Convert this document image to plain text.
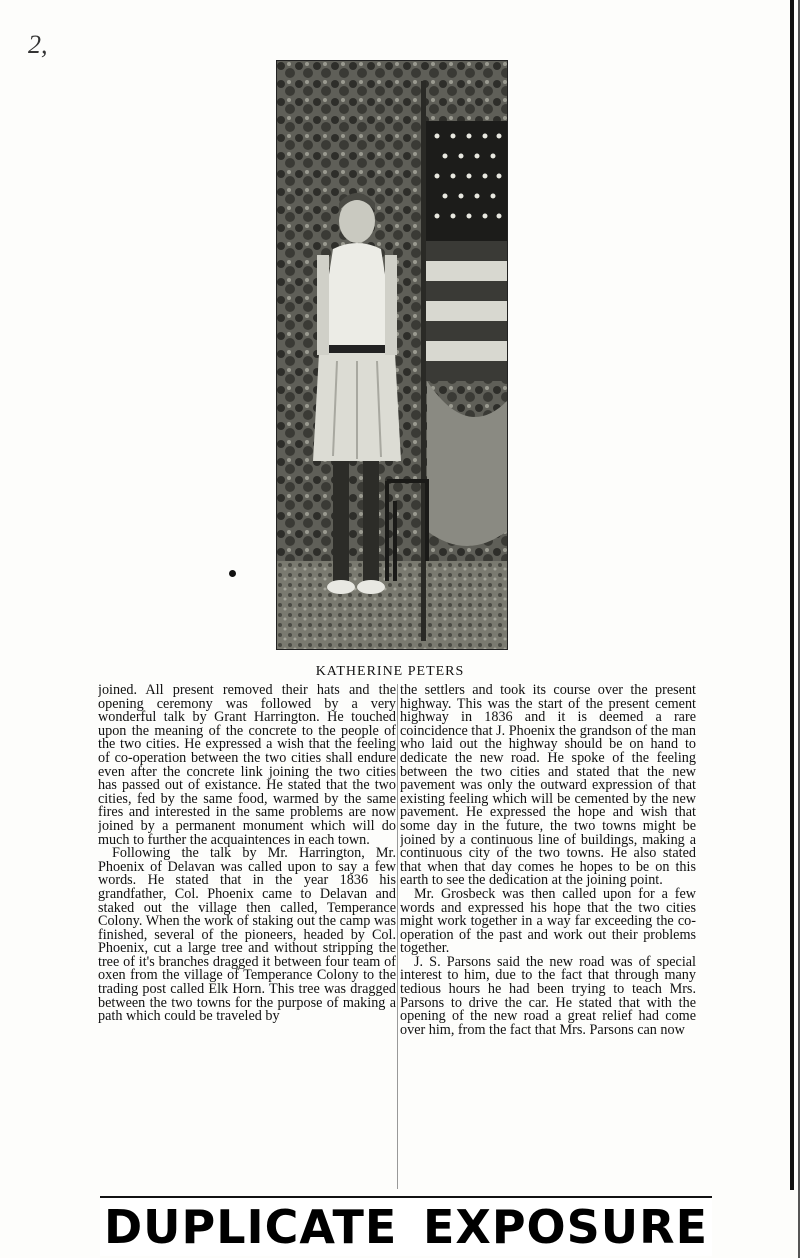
2,
KATHERINE PETERS

joined. All present removed their hats and the opening ceremony was followed by a very wonderful talk by Grant Harrington. He touched upon the meaning of the concrete to the people of the two cities. He expressed a wish that the feeling of co-operation between the two cities shall endure even after the concrete link joining the two cities has passed out of existance. He stated that the two cities, fed by the same food, warmed by the same fires and interested in the same problems are now joined by a permanent monument which will do much to further the acquaintences in each town.

Following the talk by Mr. Harrington, Mr. Phoenix of Delavan was called upon to say a few words. He stated that in the year 1836 his grandfather, Col. Phoenix came to Delavan and staked out the village then called, Temperance Colony. When the work of staking out the camp was finished, several of the pioneers, headed by Col. Phoenix, cut a large tree and without stripping the tree of it's branches dragged it between four team of oxen from the village of Temperance Colony to the trading post called Elk Horn. This tree was dragged between the two towns for the purpose of making a path which could be traveled by

the settlers and took its course over the present highway. This was the start of the present cement highway in 1836 and it is deemed a rare coincidence that J. Phoenix the grandson of the man who laid out the highway should be on hand to dedicate the new road. He spoke of the feeling between the two cities and stated that the new pavement was only the outward expression of that existing feeling which will be cemented by the new pavement. He expressed the hope and wish that some day in the future, the two towns might be joined by a continuous line of buildings, making a continuous city of the two towns. He also stated that when that day comes he hopes to be on this earth to see the dedication at the joining point.

Mr. Grosbeck was then called upon for a few words and expressed his hope that the two cities might work together in a way far exceeding the co-operation of the past and work out their problems together.

J. S. Parsons said the new road was of special interest to him, due to the fact that through many tedious hours he had been trying to teach Mrs. Parsons to drive the car. He stated that with the opening of the new road a great relief had come over him, from the fact that Mrs. Parsons can now

DUPLICATE EXPOSURE
